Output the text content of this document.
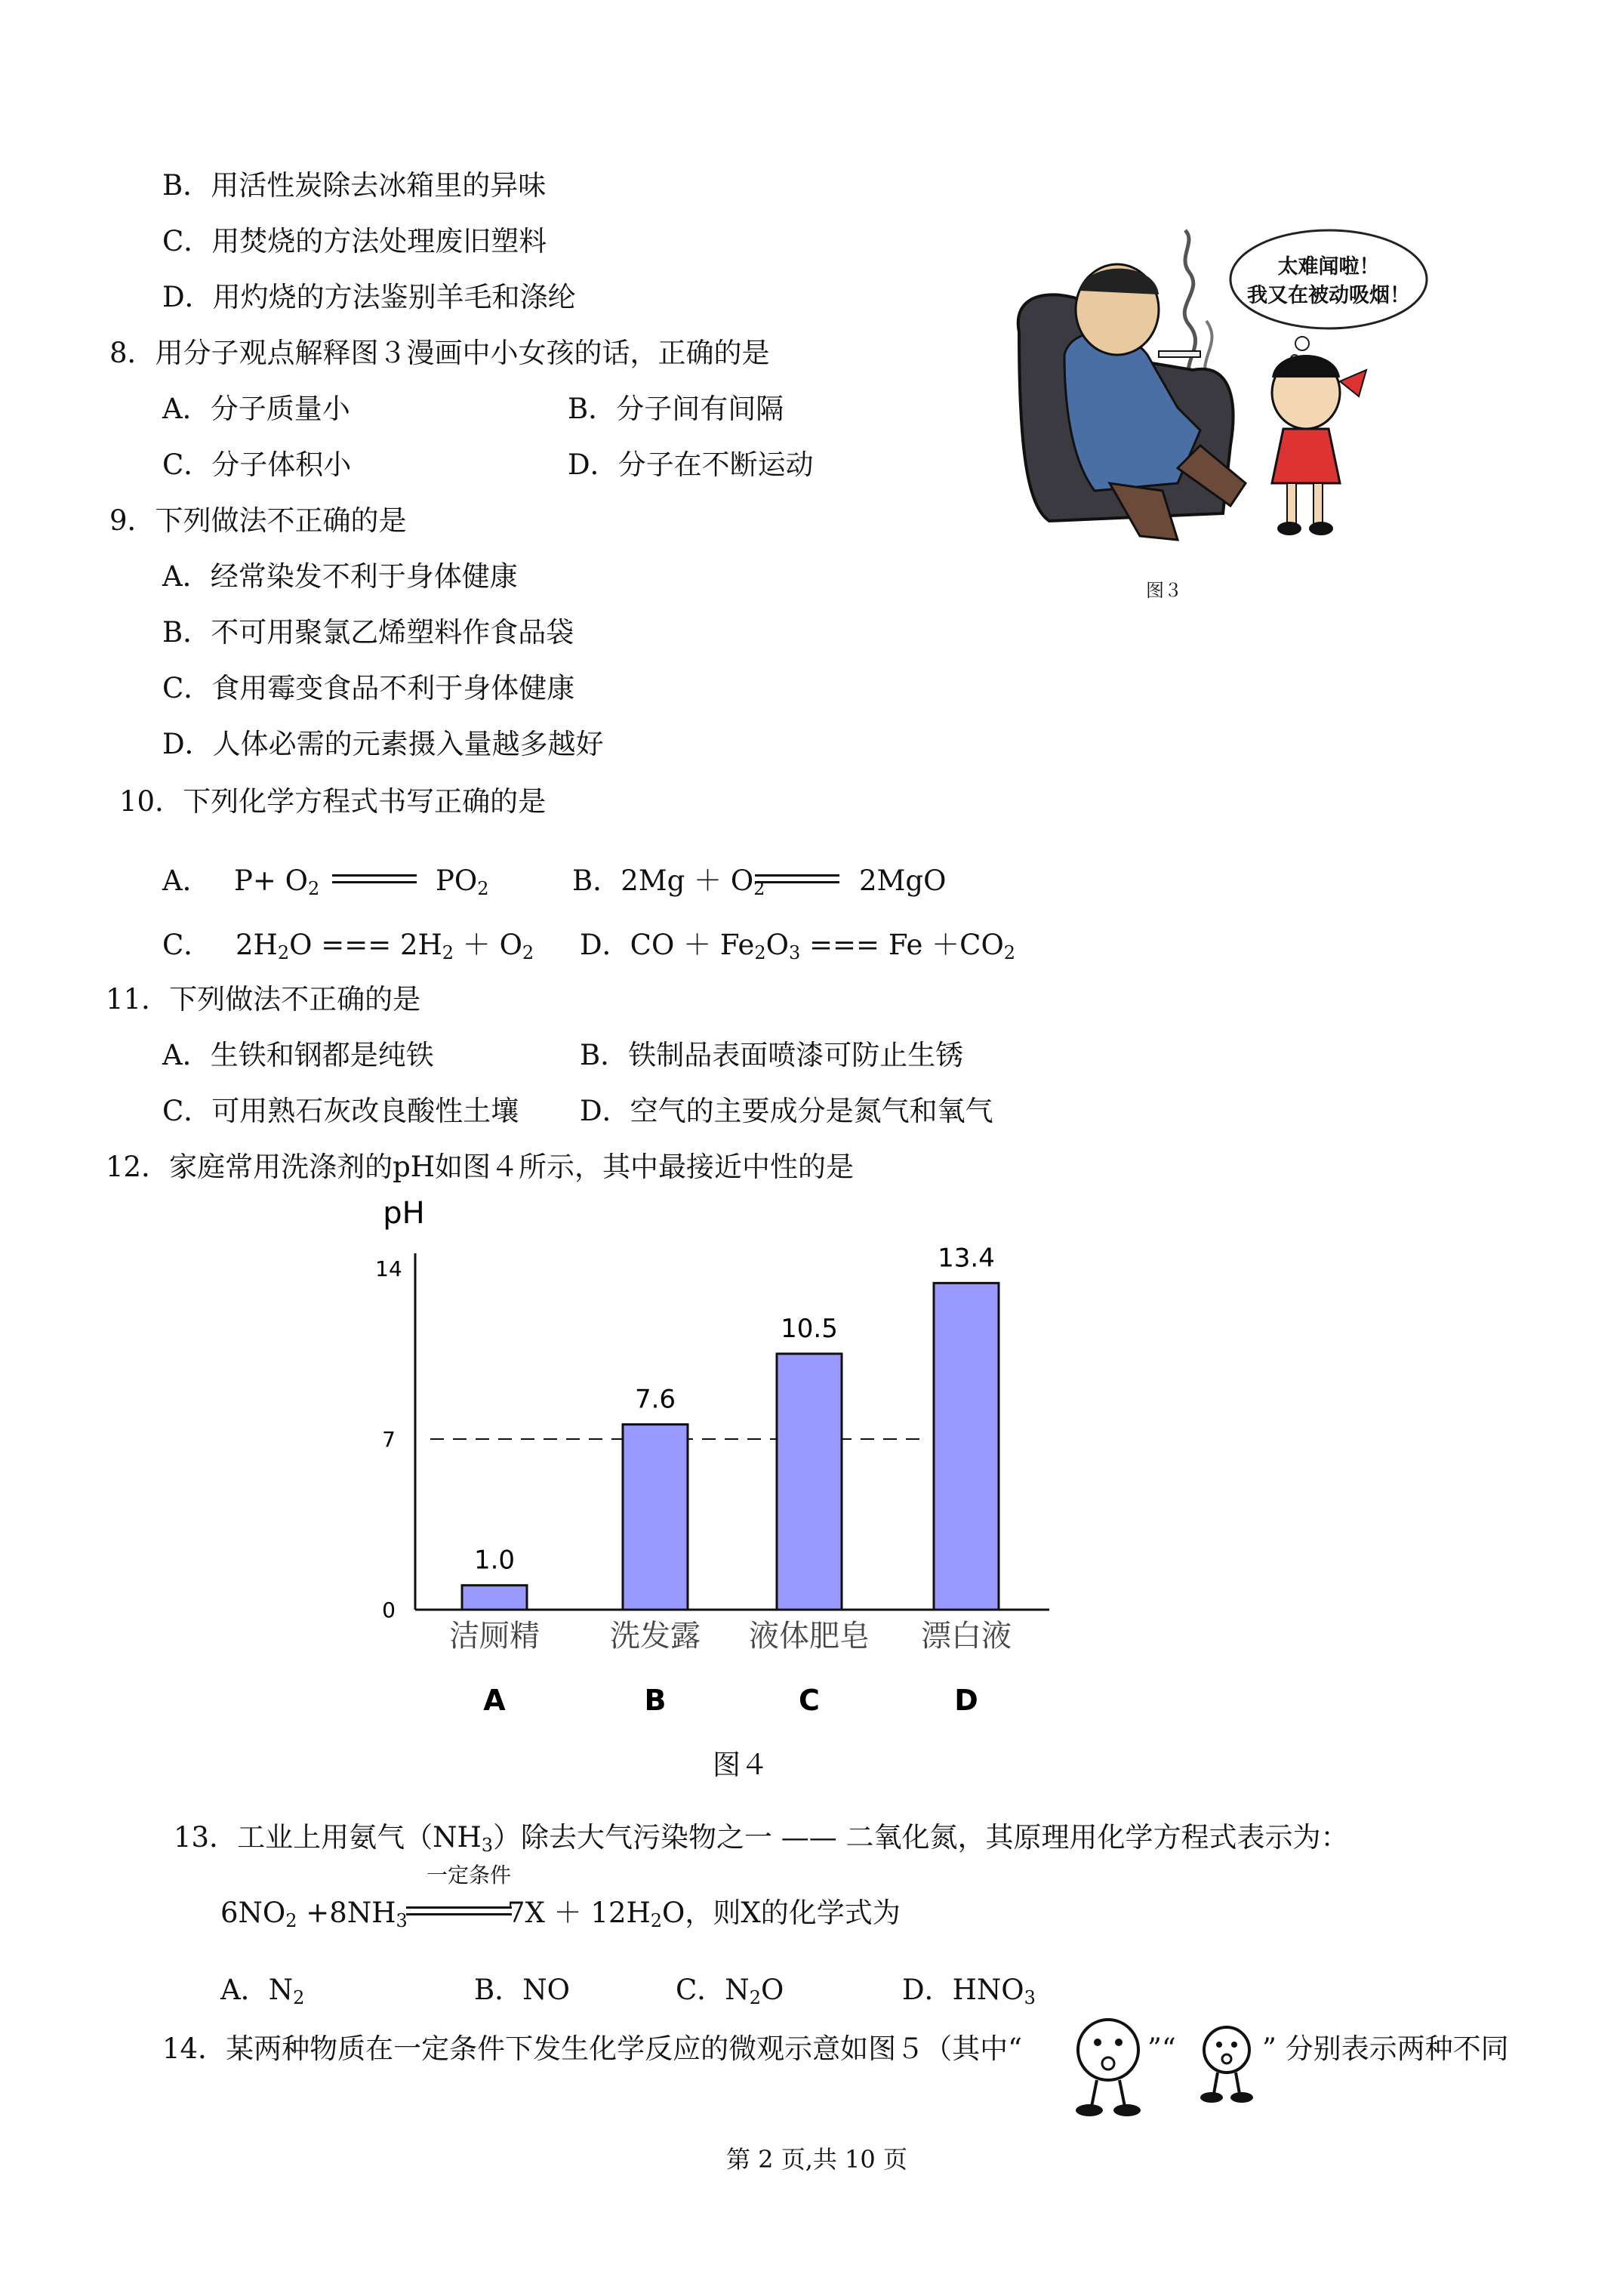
B．用活性炭除去冰箱里的异味
C．用焚烧的方法处理废旧塑料
D．用灼烧的方法鉴别羊毛和涤纶
8．用分子观点解释图３漫画中小女孩的话，正确的是
A．分子质量小	B．分子间有间隔
C．分子体积小	D．分子在不断运动
太难闻啦！
我又在被动吸烟！
图３
9．下列做法不正确的是
A．经常染发不利于身体健康
B．不可用聚氯乙烯塑料作食品袋
C．食用霉变食品不利于身体健康
D．人体必需的元素摄入量越多越好
10．下列化学方程式书写正确的是
A． $P+ O_2$	$PO_2$	B．$2Mg + O_2$	2MgO
C． $2H_2O$ === $2H_2 + O_2$ D．CO ＋ $Fe_2O_3$ === $Fe +CO_2$
11．下列做法不正确的是
A．生铁和钢都是纯铁	B．铁制品表面喷漆可防止生锈
C．可用熟石灰改良酸性土壤 D．空气的主要成分是氮气和氧气
12．家庭常用洗涤剂的pH如图４所示，其中最接近中性的是
pH
0
7
14
1.0
洁厕精
A
7.6
洗发露
B
10.5
液体肥皂
C
13.4
漂白液
D
图４
13．工业上用氨气$(NH_3)$除去大气污染物之一 —— 二氧化氮，其原理用化学方程式表示为：
一定条件
$6NO_2 +8NH_3$	$7X + 12H_2O$，则X的化学式为
A．$N_2$	B．NO	C．$N_2O$	D．$HNO_3$
14．某两种物质在一定条件下发生化学反应的微观示意如图５（其中“	”“	” 分别表示两种不同
第 2 页,共 10 页
